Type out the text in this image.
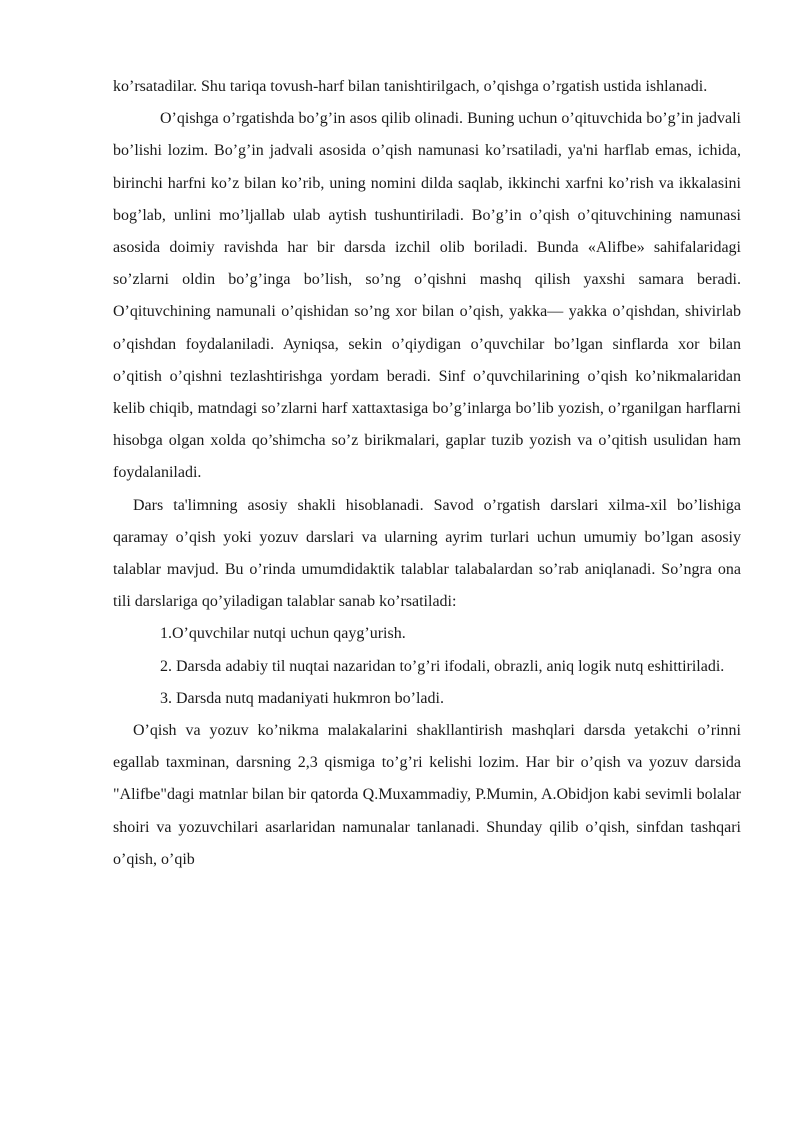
ko’rsatadilar. Shu tariqa tovush-harf bilan tanishtirilgach, o’qishga o’rgatish ustida ishlanadi.

O’qishga o’rgatishda bo’g’in asos qilib olinadi. Buning uchun o’qituvchida bo’g’in jadvali bo’lishi lozim. Bo’g’in jadvali asosida o’qish namunasi ko’rsatiladi, ya'ni harflab emas, ichida, birinchi harfni ko’z bilan ko’rib, uning nomini dilda saqlab, ikkinchi xarfni ko’rish va ikkalasini bog’lab, unlini mo’ljallab ulab aytish tushuntiriladi. Bo’g’in o’qish o’qituvchining namunasi asosida doimiy ravishda har bir darsda izchil olib boriladi. Bunda «Alifbe» sahifalaridagi so’zlarni oldin bo’g’inga bo’lish, so’ng o’qishni mashq qilish yaxshi samara beradi. O’qituvchining namunali o’qishidan so’ng xor bilan o’qish, yakka— yakka o’qishdan, shivirlab o’qishdan foydalaniladi. Ayniqsa, sekin o’qiydigan o’quvchilar bo’lgan sinflarda xor bilan o’qitish o’qishni tezlashtirishga yordam beradi. Sinf o’quvchilarining o’qish ko’nikmalaridan kelib chiqib, matndagi so’zlarni harf xattaxtasiga bo’g’inlarga bo’lib yozish, o’rganilgan harflarni hisobga olgan xolda qo’shimcha so’z birikmalari, gaplar tuzib yozish va o’qitish usulidan ham foydalaniladi.

Dars ta'limning asosiy shakli hisoblanadi. Savod o’rgatish darslari xilma-xil bo’lishiga qaramay o’qish yoki yozuv darslari va ularning ayrim turlari uchun umumiy bo’lgan asosiy talablar mavjud. Bu o’rinda umumdidaktik talablar talabalardan so’rab aniqlanadi. So’ngra ona tili darslariga qo’yiladigan talablar sanab ko’rsatiladi:

1.O’quvchilar nutqi uchun qayg’urish.

2. Darsda adabiy til nuqtai nazaridan to’g’ri ifodali, obrazli, aniq logik nutq eshittiriladi.

3. Darsda nutq madaniyati hukmron bo’ladi.

O’qish va yozuv ko’nikma malakalarini shakllantirish mashqlari darsda yetakchi o’rinni egallab taxminan, darsning 2,3 qismiga to’g’ri kelishi lozim. Har bir o’qish va yozuv darsida "Alifbe"dagi matnlar bilan bir qatorda Q.Muxammadiy, P.Mumin, A.Obidjon kabi sevimli bolalar shoiri va yozuvchilari asarlaridan namunalar tanlanadi. Shunday qilib o’qish, sinfdan tashqari o’qish, o’qib
